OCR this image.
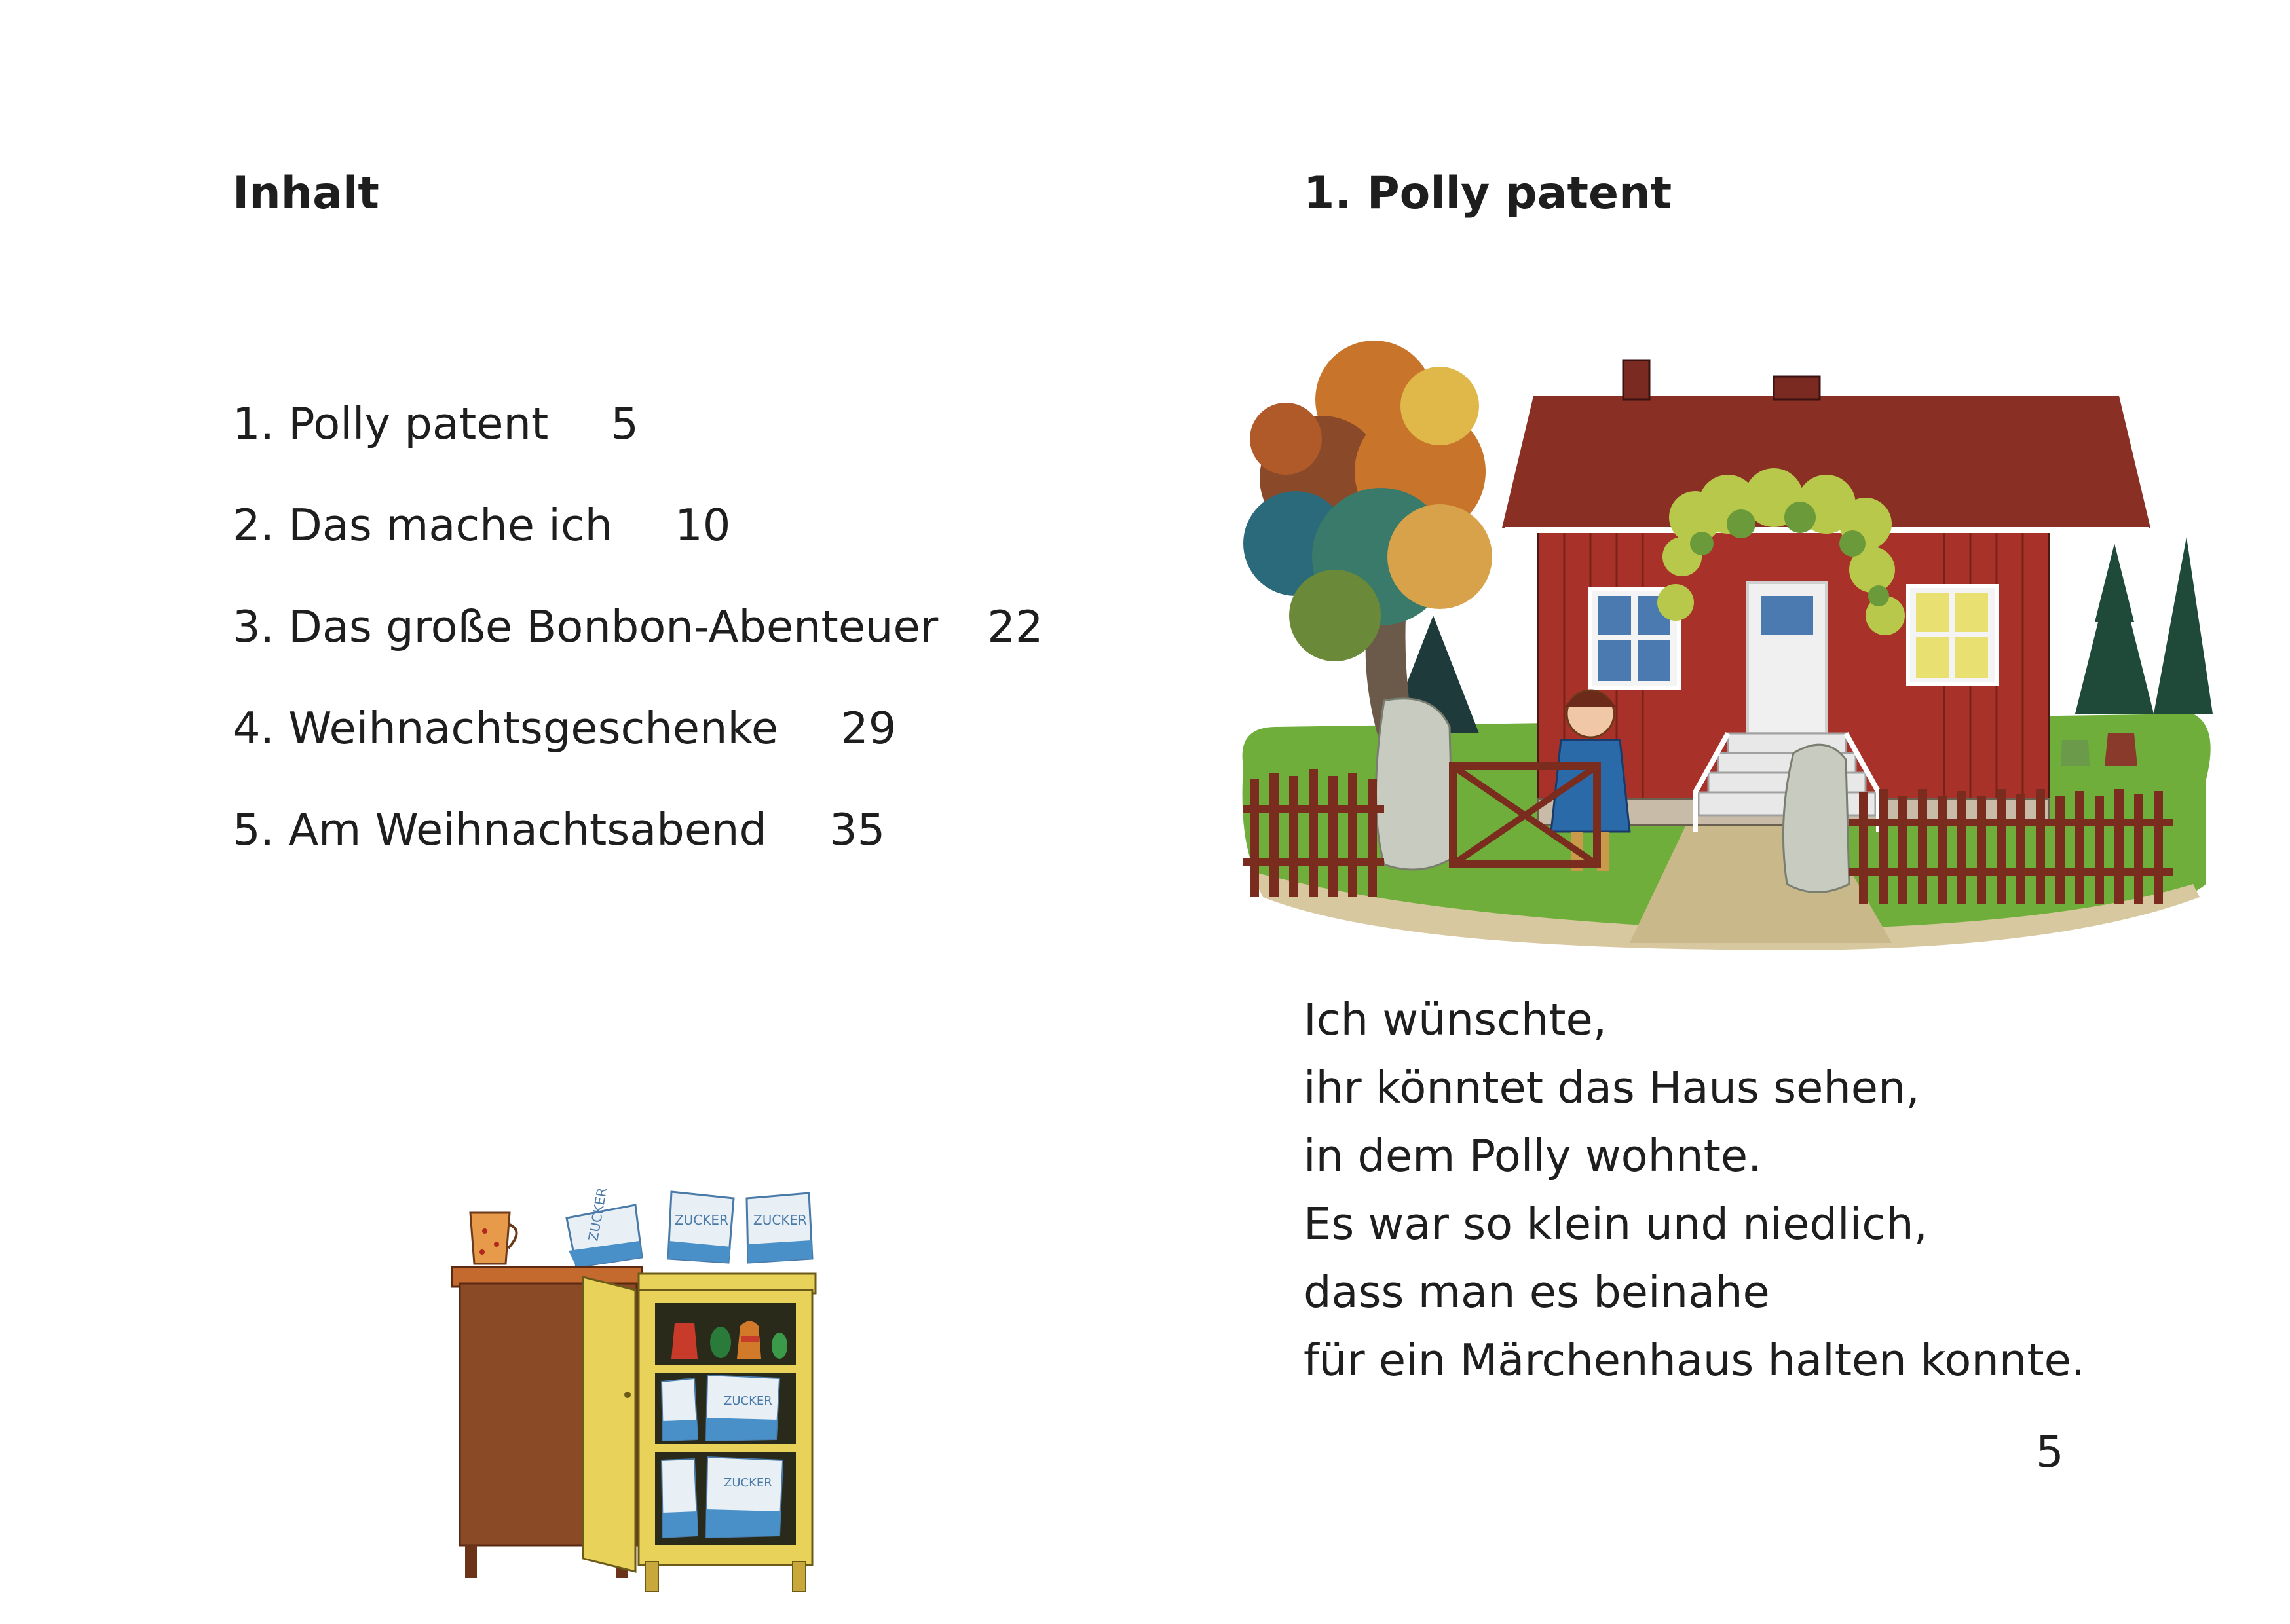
Inhalt
1. Polly patent 5
2. Das mache ich 10
3. Das große Bonbon-Abenteuer 22
4. Weihnachtsgeschenke 29
5. Am Weihnachtsabend 35
ZUCKER	ZUCKER ZUCKER
ZUCKER
ZUCKER
1. Polly patent

Ich wünschte,
ihr könntet das Haus sehen,
in dem Polly wohnte.
Es war so klein und niedlich,
dass man es beinahe
für ein Märchenhaus halten konnte.

5
